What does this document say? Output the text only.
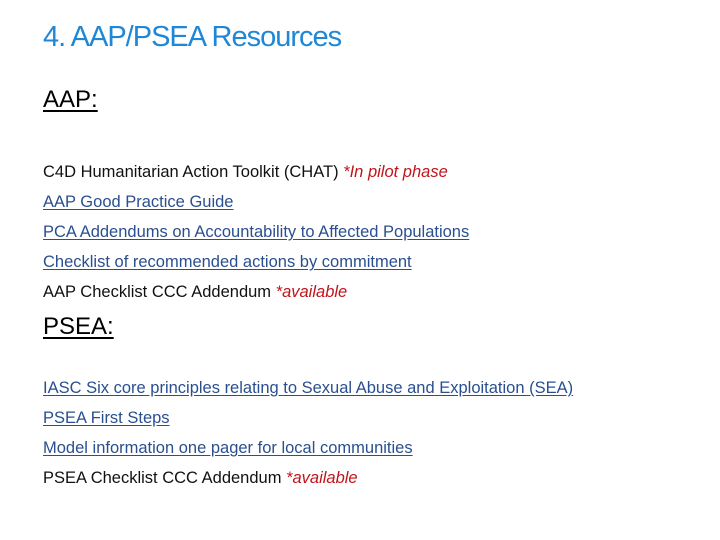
4. AAP/PSEA Resources
AAP:
C4D Humanitarian Action Toolkit (CHAT) *In pilot phase
AAP Good Practice Guide
PCA Addendums on Accountability to Affected Populations
Checklist of recommended actions by commitment
AAP Checklist CCC Addendum *available
PSEA:
IASC Six core principles relating to Sexual Abuse and Exploitation (SEA)
PSEA First Steps
Model information one pager for local communities
PSEA Checklist CCC Addendum *available
